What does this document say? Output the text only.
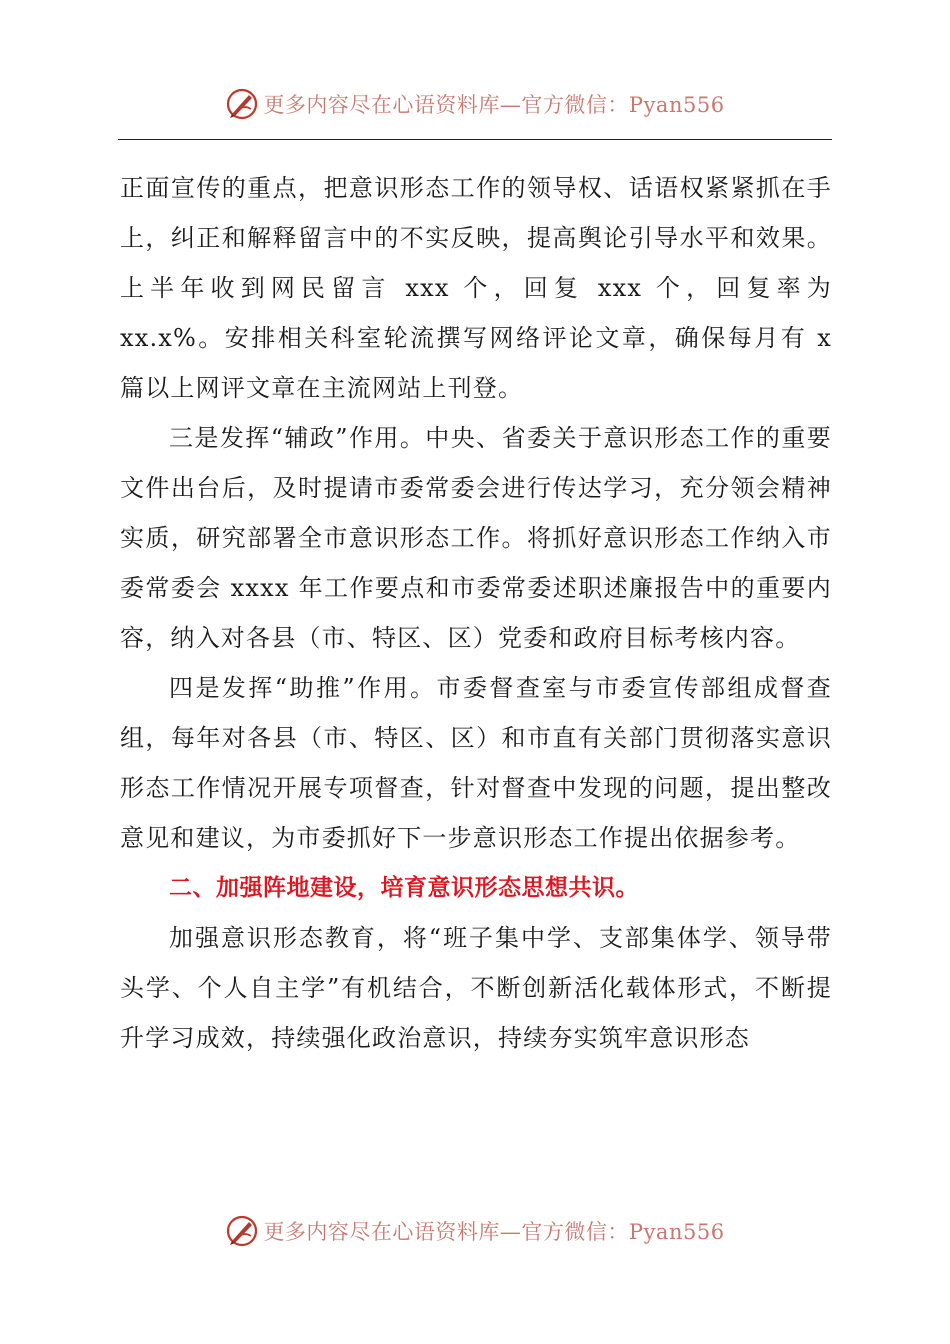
更多内容尽在心语资料库—官方微信：Pyan556

正面宣传的重点，把意识形态工作的领导权、话语权紧紧抓在手上，纠正和解释留言中的不实反映，提高舆论引导水平和效果。上半年收到网民留言 xxx 个，回复 xxx 个，回复率为 xx.x%。安排相关科室轮流撰写网络评论文章，确保每月有 x 篇以上网评文章在主流网站上刊登。

三是发挥“辅政”作用。中央、省委关于意识形态工作的重要文件出台后，及时提请市委常委会进行传达学习，充分领会精神实质，研究部署全市意识形态工作。将抓好意识形态工作纳入市委常委会 xxxx 年工作要点和市委常委述职述廉报告中的重要内容，纳入对各县（市、特区、区）党委和政府目标考核内容。

四是发挥“助推”作用。市委督查室与市委宣传部组成督查组，每年对各县（市、特区、区）和市直有关部门贯彻落实意识形态工作情况开展专项督查，针对督查中发现的问题，提出整改意见和建议，为市委抓好下一步意识形态工作提出依据参考。

二、加强阵地建设，培育意识形态思想共识。

加强意识形态教育，将“班子集中学、支部集体学、领导带头学、个人自主学”有机结合，不断创新活化载体形式，不断提升学习成效，持续强化政治意识，持续夯实筑牢意识形态

更多内容尽在心语资料库—官方微信：Pyan556
